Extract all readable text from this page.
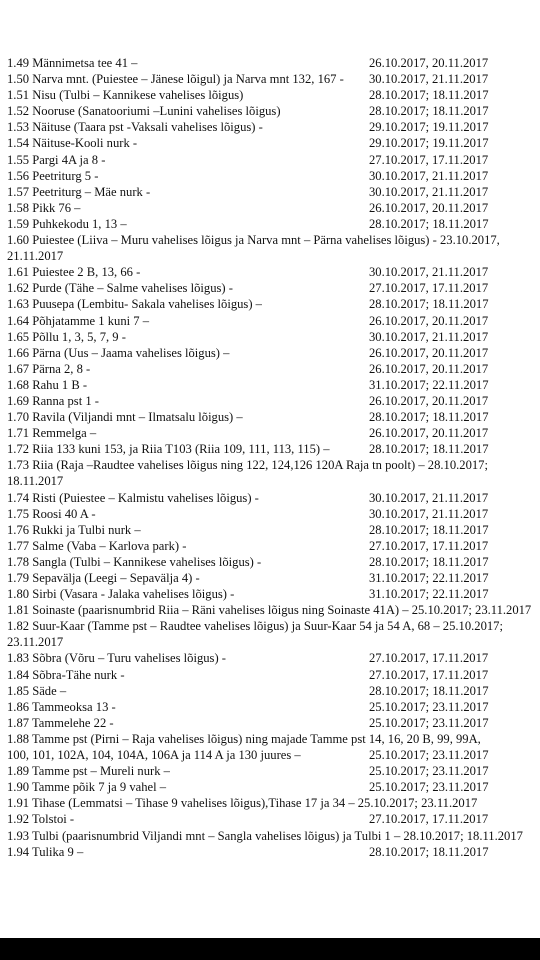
1.49 Männimetsa tee 41 –	26.10.2017, 20.11.2017
1.50 Narva mnt. (Puiestee – Jänese lõigul) ja Narva mnt 132, 167 - 30.10.2017, 21.11.2017
1.51 Nisu (Tulbi – Kannikese vahelises lõigus)	28.10.2017; 18.11.2017
1.52 Nooruse (Sanatooriumi –Lunini vahelises lõigus)	28.10.2017; 18.11.2017
1.53 Näituse (Taara pst -Vaksali vahelises lõigus) -	29.10.2017; 19.11.2017
1.54 Näituse-Kooli nurk -	29.10.2017; 19.11.2017
1.55 Pargi 4A ja 8 -	27.10.2017, 17.11.2017
1.56 Peetriturg 5 -	30.10.2017, 21.11.2017
1.57 Peetriturg – Mäe nurk -	30.10.2017, 21.11.2017
1.58 Pikk 76 –	26.10.2017, 20.11.2017
1.59 Puhkekodu 1, 13 –	28.10.2017; 18.11.2017
1.60 Puiestee (Liiva – Muru vahelises lõigus ja Narva mnt – Pärna vahelises lõigus) - 23.10.2017, 21.11.2017
1.61 Puiestee 2 B, 13, 66 -	30.10.2017, 21.11.2017
1.62 Purde (Tähe – Salme vahelises lõigus) -	27.10.2017, 17.11.2017
1.63 Puusepa (Lembitu- Sakala vahelises lõigus) –	28.10.2017; 18.11.2017
1.64 Põhjatamme 1 kuni 7 –	26.10.2017, 20.11.2017
1.65 Põllu 1, 3, 5, 7, 9 -	30.10.2017, 21.11.2017
1.66 Pärna (Uus – Jaama vahelises lõigus) –	26.10.2017, 20.11.2017
1.67 Pärna 2, 8 -	26.10.2017, 20.11.2017
1.68 Rahu 1 B -	31.10.2017; 22.11.2017
1.69 Ranna pst 1 -	26.10.2017, 20.11.2017
1.70 Ravila (Viljandi mnt – Ilmatsalu lõigus) –	28.10.2017; 18.11.2017
1.71 Remmelga –	26.10.2017, 20.11.2017
1.72 Riia 133 kuni 153, ja Riia T103 (Riia 109, 111, 113, 115) –	28.10.2017; 18.11.2017
1.73 Riia (Raja –Raudtee vahelises lõigus ning 122, 124,126 120A Raja tn poolt) – 28.10.2017; 18.11.2017
1.74 Risti (Puiestee – Kalmistu vahelises lõigus) -	30.10.2017, 21.11.2017
1.75 Roosi 40 A -	30.10.2017, 21.11.2017
1.76 Rukki ja Tulbi nurk –	28.10.2017; 18.11.2017
1.77 Salme (Vaba – Karlova park) -	27.10.2017, 17.11.2017
1.78 Sangla (Tulbi – Kannikese vahelises lõigus) -	28.10.2017; 18.11.2017
1.79 Sepavälja (Leegi – Sepavälja 4) -	31.10.2017; 22.11.2017
1.80 Sirbi (Vasara - Jalaka vahelises lõigus) -	31.10.2017; 22.11.2017
1.81 Soinaste (paarisnumbrid Riia – Räni vahelises lõigus ning Soinaste 41A) – 25.10.2017; 23.11.2017
1.82 Suur-Kaar (Tamme pst – Raudtee vahelises lõigus) ja Suur-Kaar 54 ja 54 A, 68 – 25.10.2017; 23.11.2017
1.83 Sõbra (Võru – Turu vahelises lõigus) -	27.10.2017, 17.11.2017
1.84 Sõbra-Tähe nurk -	27.10.2017, 17.11.2017
1.85 Säde –	28.10.2017; 18.11.2017
1.86 Tammeoksa 13 -	25.10.2017; 23.11.2017
1.87 Tammelehe 22 -	25.10.2017; 23.11.2017
1.88 Tamme pst (Pirni – Raja vahelises lõigus) ning majade Tamme pst 14, 16, 20 B, 99, 99A,
100, 101, 102A, 104, 104A, 106A ja 114 A ja 130 juures –	25.10.2017; 23.11.2017
1.89 Tamme pst – Mureli nurk –	25.10.2017; 23.11.2017
1.90 Tamme põik 7 ja 9 vahel –	25.10.2017; 23.11.2017
1.91 Tihase (Lemmatsi – Tihase 9 vahelises lõigus),Tihase 17 ja 34 – 25.10.2017; 23.11.2017
1.92 Tolstoi -	27.10.2017, 17.11.2017
1.93 Tulbi (paarisnumbrid Viljandi mnt – Sangla vahelises lõigus) ja Tulbi 1 – 28.10.2017; 18.11.2017
1.94 Tulika 9 –	28.10.2017; 18.11.2017
